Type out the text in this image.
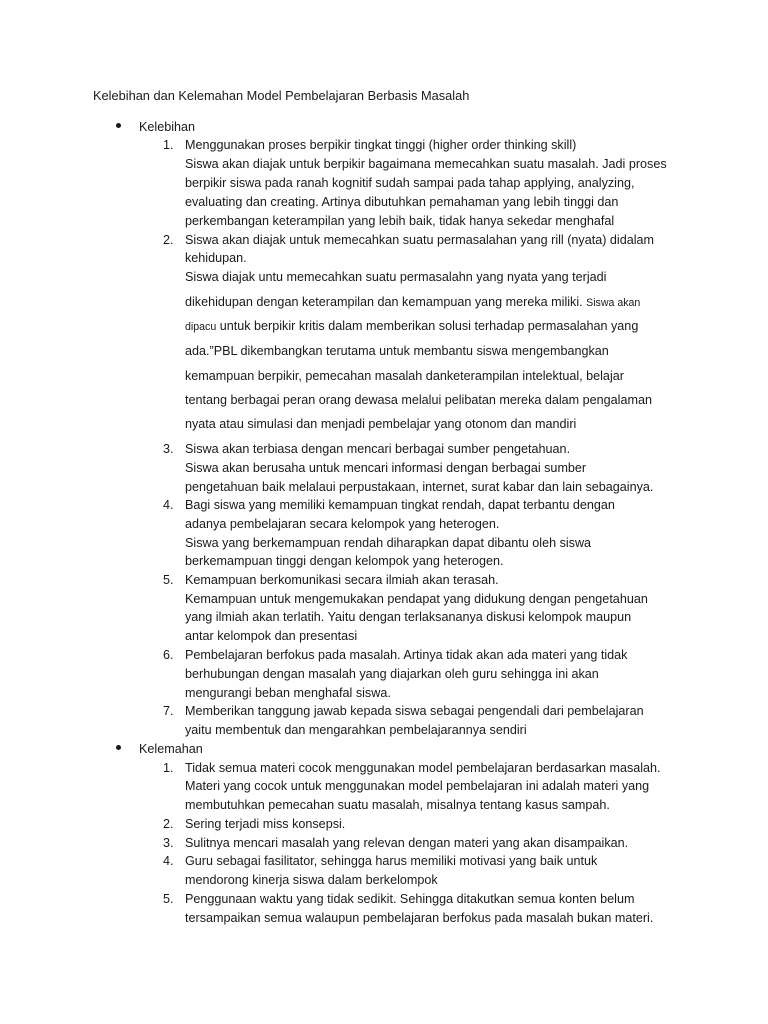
Kelebihan dan Kelemahan Model Pembelajaran Berbasis Masalah
Kelebihan
1. Menggunakan proses berpikir tingkat tinggi (higher order thinking skill)
Siswa akan diajak untuk berpikir bagaimana memecahkan suatu masalah. Jadi proses
berpikir siswa pada ranah kognitif sudah sampai pada tahap applying, analyzing,
evaluating dan creating. Artinya dibutuhkan pemahaman yang lebih tinggi dan
perkembangan keterampilan yang lebih baik, tidak hanya sekedar menghafal
2. Siswa akan diajak untuk memecahkan suatu permasalahan yang rill (nyata) didalam
kehidupan.
Siswa diajak untu memecahkan suatu permasalahn yang nyata yang terjadi
dikehidupan dengan keterampilan dan kemampuan yang mereka miliki. Siswa akan
dipacu untuk berpikir kritis dalam memberikan solusi terhadap permasalahan yang
ada.”PBL dikembangkan terutama untuk membantu siswa mengembangkan
kemampuan berpikir, pemecahan masalah danketerampilan intelektual, belajar
tentang berbagai peran orang dewasa melalui pelibatan mereka dalam pengalaman
nyata atau simulasi dan menjadi pembelajar yang otonom dan mandiri
3. Siswa akan terbiasa dengan mencari berbagai sumber pengetahuan.
Siswa akan berusaha untuk mencari informasi dengan berbagai sumber
pengetahuan baik melalaui perpustakaan, internet, surat kabar dan lain sebagainya.
4. Bagi siswa yang memiliki kemampuan tingkat rendah, dapat terbantu dengan
adanya pembelajaran secara kelompok yang heterogen.
Siswa yang berkemampuan rendah diharapkan dapat dibantu oleh siswa
berkemampuan tinggi dengan kelompok yang heterogen.
5. Kemampuan berkomunikasi secara ilmiah akan terasah.
Kemampuan untuk mengemukakan pendapat yang didukung dengan pengetahuan
yang ilmiah akan terlatih. Yaitu dengan terlaksananya diskusi kelompok maupun
antar kelompok dan presentasi
6. Pembelajaran berfokus pada masalah. Artinya tidak akan ada materi yang tidak
berhubungan dengan masalah yang diajarkan oleh guru sehingga ini akan
mengurangi beban menghafal siswa.
7. Memberikan tanggung jawab kepada siswa sebagai pengendali dari pembelajaran
yaitu membentuk dan mengarahkan pembelajarannya sendiri
Kelemahan
1. Tidak semua materi cocok menggunakan model pembelajaran berdasarkan masalah.
Materi yang cocok untuk menggunakan model pembelajaran ini adalah materi yang
membutuhkan pemecahan suatu masalah, misalnya tentang kasus sampah.
2. Sering terjadi miss konsepsi.
3. Sulitnya mencari masalah yang relevan dengan materi yang akan disampaikan.
4. Guru sebagai fasilitator, sehingga harus memiliki motivasi yang baik untuk
mendorong kinerja siswa dalam berkelompok
5. Penggunaan waktu yang tidak sedikit. Sehingga ditakutkan semua konten belum
tersampaikan semua walaupun pembelajaran berfokus pada masalah bukan materi.
